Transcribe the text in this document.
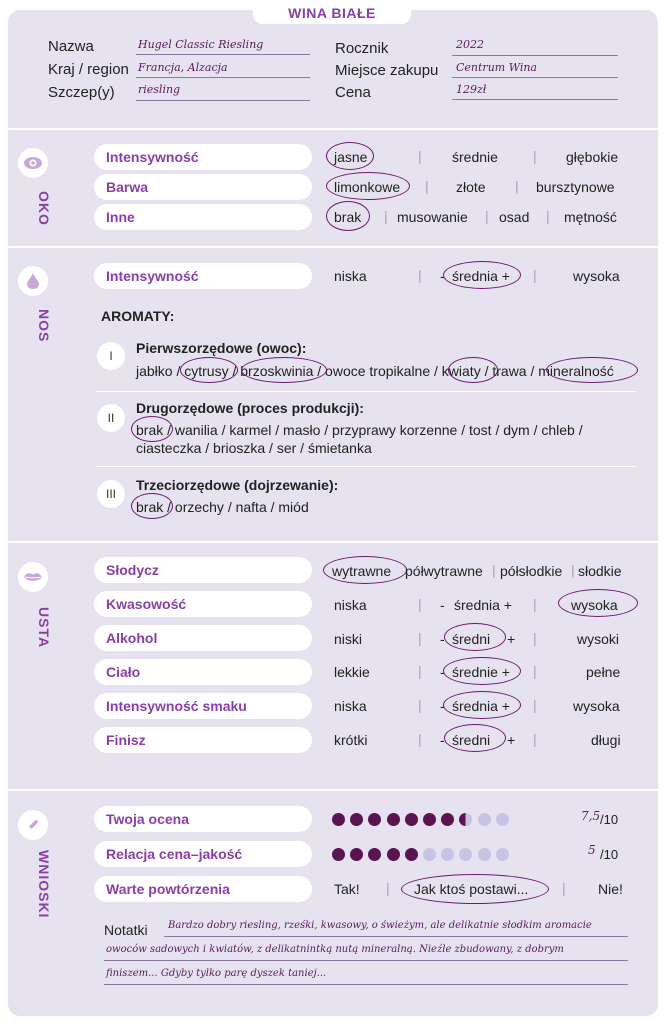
WINA BIAŁE
Nazwa	Hugel Classic Riesling
Kraj / region Francja, Alzacja
Szczep(y) riesling
Rocznik	2022
Miejsce zakupu Centrum Wina
Cena	129zł
OKO
Intensywność	jasne	| średnie	| głębokie
Barwa	limonkowe | złote | bursztynowe
Inne	brak | musowanie | osad | mętność
NOS
Intensywność	niska	| - średnia + |	wysoka
AROMATY:
I	Pierwszorzędowe (owoc):
jabłko / cytrusy / brzoskwinia / owoce tropikalne / kwiaty / trawa / mineralność
II
Drugorzędowe (proces produkcji):
brak / wanilia / karmel / masło / przyprawy korzenne / tost / dym / chleb /
ciasteczka / brioszka / ser / śmietanka
III
Trzeciorzędowe (dojrzewanie):
brak / orzechy / nafta / miód
USTA
Słodycz	wytrawne półwytrawne | półsłodkie | słodkie
Kwasowość	niska	| - średnia + | wysoka
Alkohol	niski	| - średni + |	wysoki
Ciało	lekkie	| - średnie + |	pełne
Intensywność smaku	niska	| - średnia + |	wysoka
Finisz	krótki	| - średni + |	długi
WNIOSKI
Twoja ocena	7,5 /10
Relacja cena–jakość	5 /10
Warte powtórzenia	Tak! | Jak ktoś postawi... | Nie!
Notatki Bardzo dobry riesling, rześki, kwasowy, o świeżym, ale delikatnie słodkim aromacie
owoców sadowych i kwiatów, z delikatnintką nutą mineralną. Nieźle zbudowany, z dobrym
finiszem... Gdyby tylko parę dyszek taniej...
